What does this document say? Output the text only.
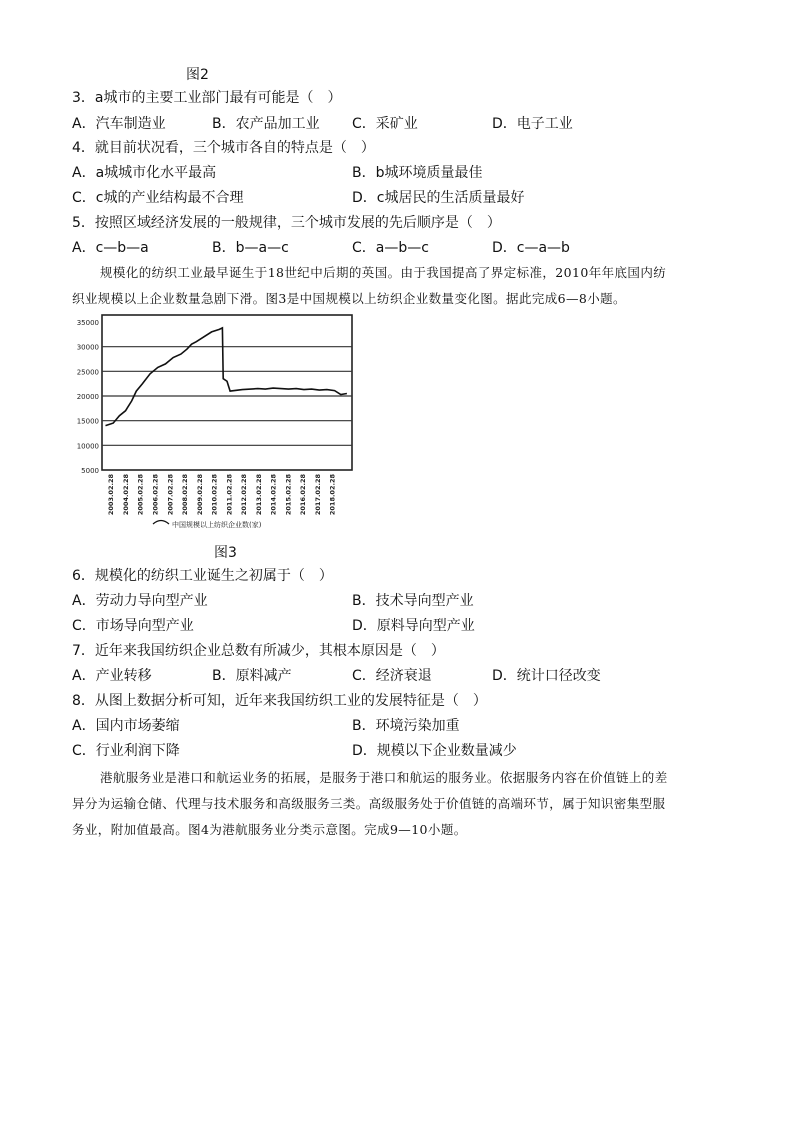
图2
3．a城市的主要工业部门最有可能是（　）
A．汽车制造业	B．农产品加工业 C．采矿业	D．电子工业
4．就目前状况看，三个城市各自的特点是（　）
A．a城城市化水平最高	B．b城环境质量最佳
C．c城的产业结构最不合理	D．c城居民的生活质量最好
5．按照区域经济发展的一般规律，三个城市发展的先后顺序是（　）
A．c—b—a	B．b—a—c	C．a—b—c	D．c—a—b
规模化的纺织工业最早诞生于18世纪中后期的英国。由于我国提高了界定标准，2010年年底国内纺
织业规模以上企业数量急剧下滑。图3是中国规模以上纺织企业数量变化图。据此完成6—8小题。
35000
30000
25000
20000
15000
10000
5000
2003.02.28 2004.02.28 2005.02.28 2006.02.28 2007.02.28 2008.02.28 2009.02.28 2010.02.28 2011.02.28 2012.02.28 2013.02.28 2014.02.28 2015.02.28 2016.02.28 2017.02.28 2018.02.28
中国规模以上纺织企业数(家)
图3
6．规模化的纺织工业诞生之初属于（　）
A．劳动力导向型产业	B．技术导向型产业
C．市场导向型产业	D．原料导向型产业
7．近年来我国纺织企业总数有所减少，其根本原因是（　）
A．产业转移	B．原料减产	C．经济衰退	D．统计口径改变
8．从图上数据分析可知，近年来我国纺织工业的发展特征是（　）
A．国内市场萎缩	B．环境污染加重
C．行业利润下降	D．规模以下企业数量减少
港航服务业是港口和航运业务的拓展，是服务于港口和航运的服务业。依据服务内容在价值链上的差
异分为运输仓储、代理与技术服务和高级服务三类。高级服务处于价值链的高端环节，属于知识密集型服
务业，附加值最高。图4为港航服务业分类示意图。完成9—10小题。
